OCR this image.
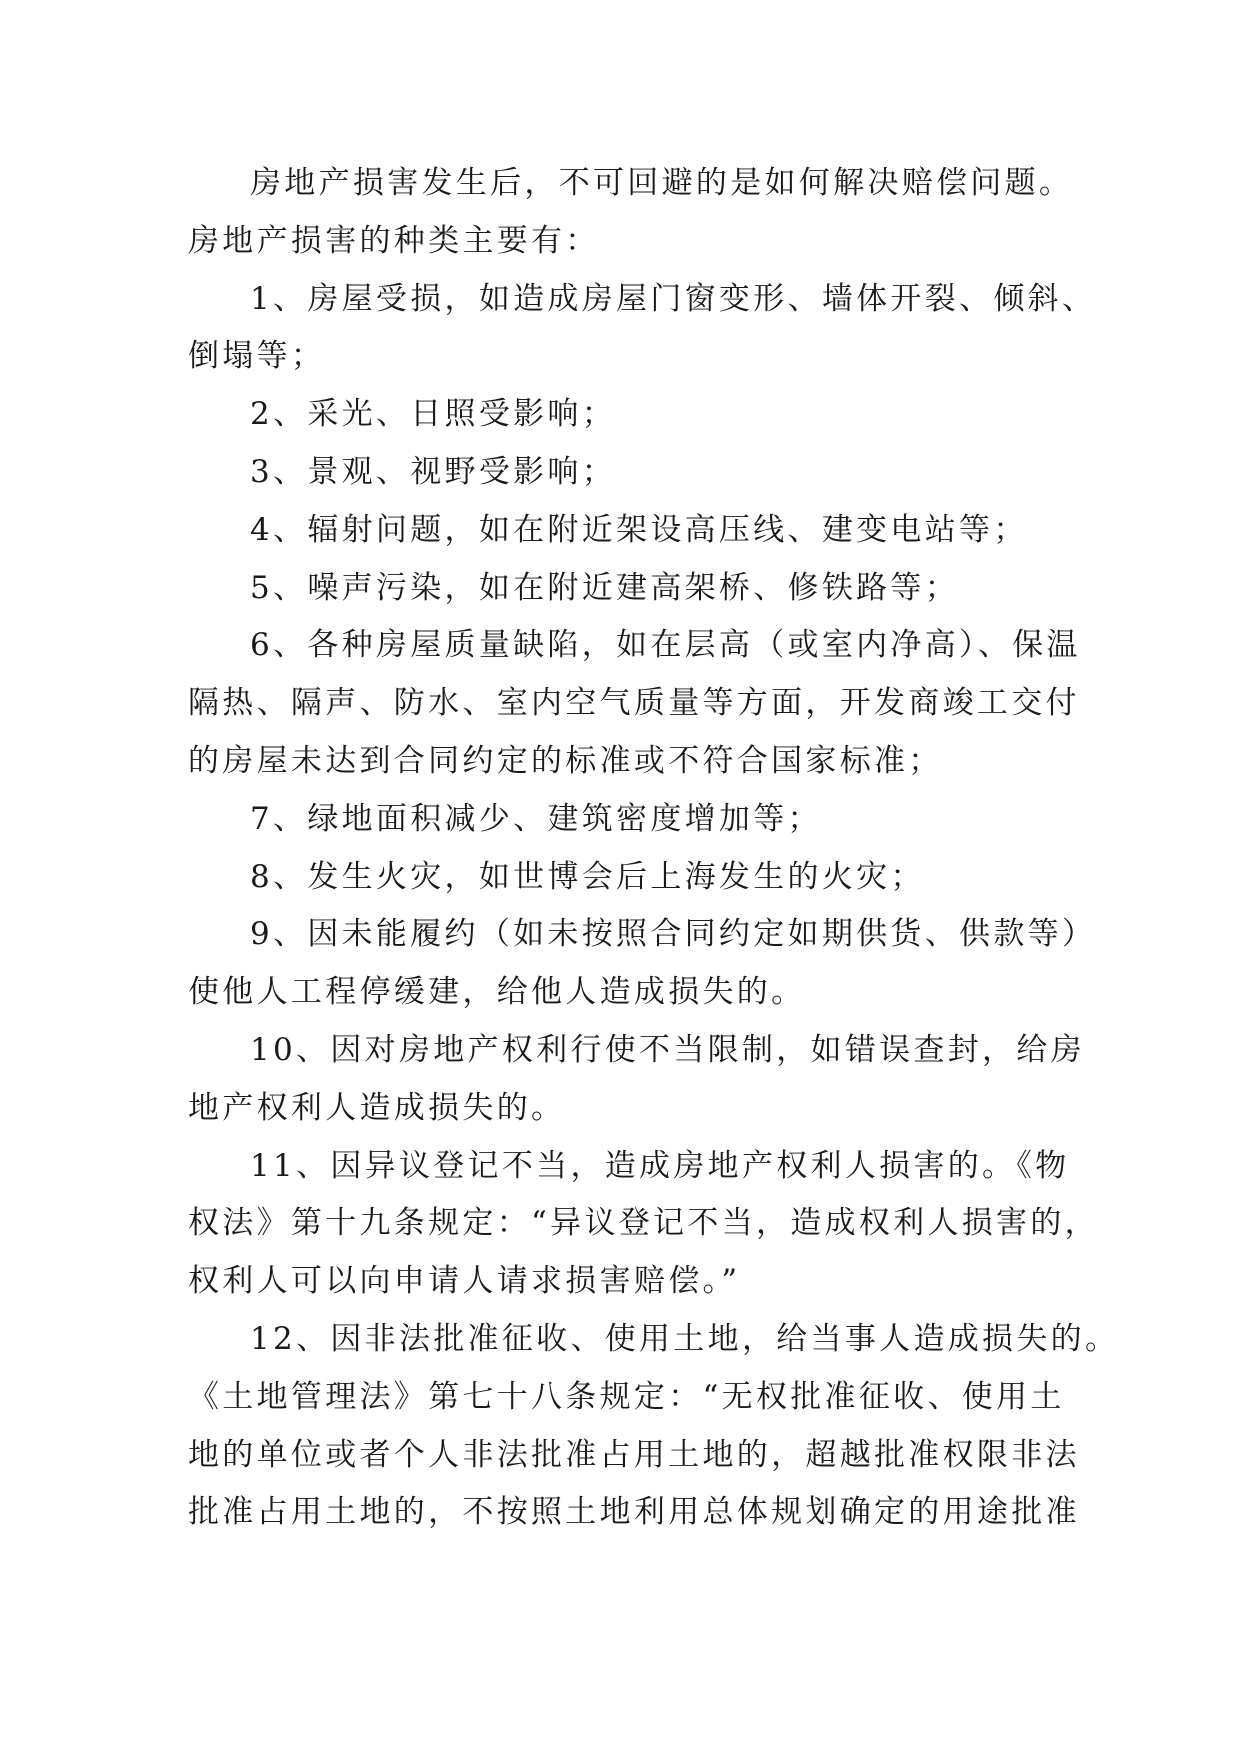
房地产损害发生后，不可回避的是如何解决赔偿问题。
房地产损害的种类主要有：
1、房屋受损，如造成房屋门窗变形、墙体开裂、倾斜、
倒塌等；
2、采光、日照受影响；
3、景观、视野受影响；
4、辐射问题，如在附近架设高压线、建变电站等；
5、噪声污染，如在附近建高架桥、修铁路等；
6、各种房屋质量缺陷，如在层高（或室内净高）、保温
隔热、隔声、防水、室内空气质量等方面，开发商竣工交付
的房屋未达到合同约定的标准或不符合国家标准；
7、绿地面积减少、建筑密度增加等；
8、发生火灾，如世博会后上海发生的火灾；
9、因未能履约（如未按照合同约定如期供货、供款等）
使他人工程停缓建，给他人造成损失的。
10、因对房地产权利行使不当限制，如错误查封，给房
地产权利人造成损失的。
11、因异议登记不当，造成房地产权利人损害的。《物
权法》第十九条规定：“异议登记不当，造成权利人损害的，
权利人可以向申请人请求损害赔偿。”
12、因非法批准征收、使用土地，给当事人造成损失的。
《土地管理法》第七十八条规定：“无权批准征收、使用土
地的单位或者个人非法批准占用土地的，超越批准权限非法
批准占用土地的，不按照土地利用总体规划确定的用途批准
